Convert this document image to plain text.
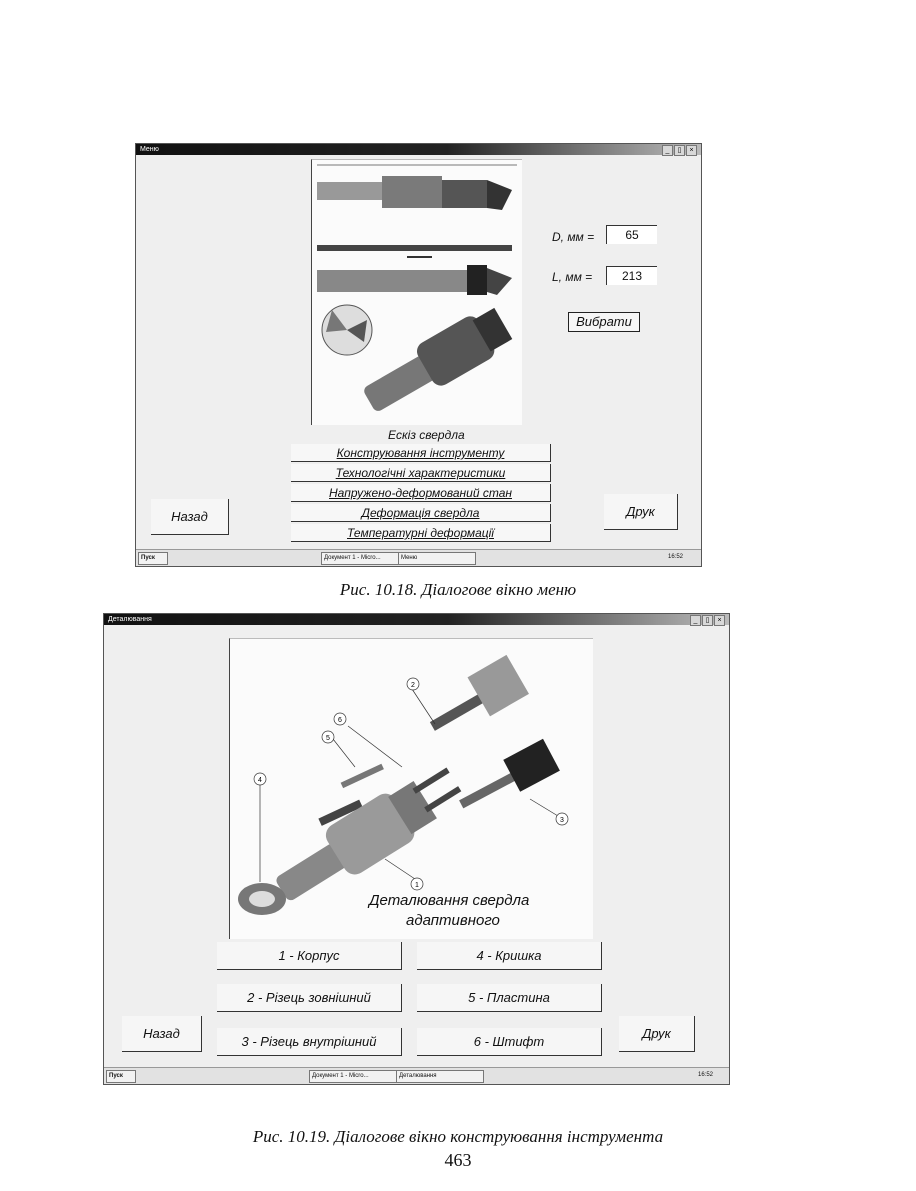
Меню	_	▯	×
Ескіз свердла
D, мм =	65
L, мм =	213
Вибрати
Конструювання інструменту
Технологічні характеристики
Напружено-деформований стан
Деформація свердла
Температурні деформації
Назад	Друк
Пуск	Документ 1 - Micro...	Меню	16:52
Рис. 10.18. Діалогове вікно меню
Деталювання	_	▯	×
2
6
5
4
1
3
Деталювання свердла
адаптивного
1 - Корпус	4 - Кришка
2 - Різець зовнішний	5 - Пластина
3 - Різець внутрішний	6 - Штифт
Назад	Друк
Пуск	Документ 1 - Micro...	Деталювання	16:52
Рис. 10.19. Діалогове вікно конструювання інструмента
463
